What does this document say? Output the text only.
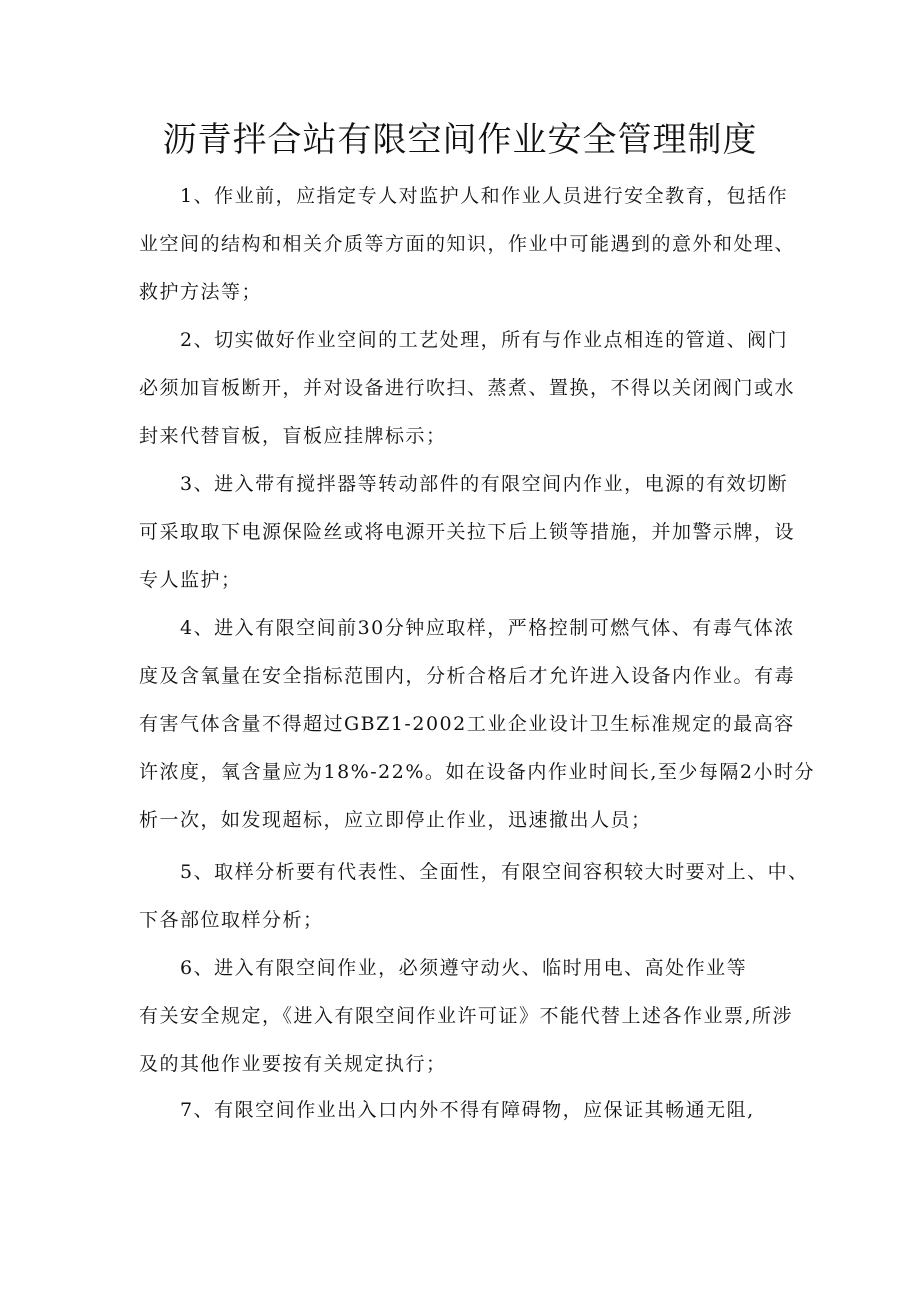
沥青拌合站有限空间作业安全管理制度
1、作业前，应指定专人对监护人和作业人员进行安全教育，包括作
业空间的结构和相关介质等方面的知识，作业中可能遇到的意外和处理、
救护方法等；
2、切实做好作业空间的工艺处理，所有与作业点相连的管道、阀门
必须加盲板断开，并对设备进行吹扫、蒸煮、置换，不得以关闭阀门或水
封来代替盲板，盲板应挂牌标示；
3、进入带有搅拌器等转动部件的有限空间内作业，电源的有效切断
可采取取下电源保险丝或将电源开关拉下后上锁等措施，并加警示牌，设
专人监护；
4、进入有限空间前30分钟应取样，严格控制可燃气体、有毒气体浓
度及含氧量在安全指标范围内，分析合格后才允许进入设备内作业。有毒
有害气体含量不得超过GBZ1-2002工业企业设计卫生标准规定的最高容
许浓度，氧含量应为18%-22%。如在设备内作业时间长,至少每隔2小时分
析一次，如发现超标，应立即停止作业，迅速撤出人员；
5、取样分析要有代表性、全面性，有限空间容积较大时要对上、中、
下各部位取样分析；
6、进入有限空间作业，必须遵守动火、临时用电、高处作业等
有关安全规定，《进入有限空间作业许可证》不能代替上述各作业票,所涉
及的其他作业要按有关规定执行；
7、有限空间作业出入口内外不得有障碍物，应保证其畅通无阻,
